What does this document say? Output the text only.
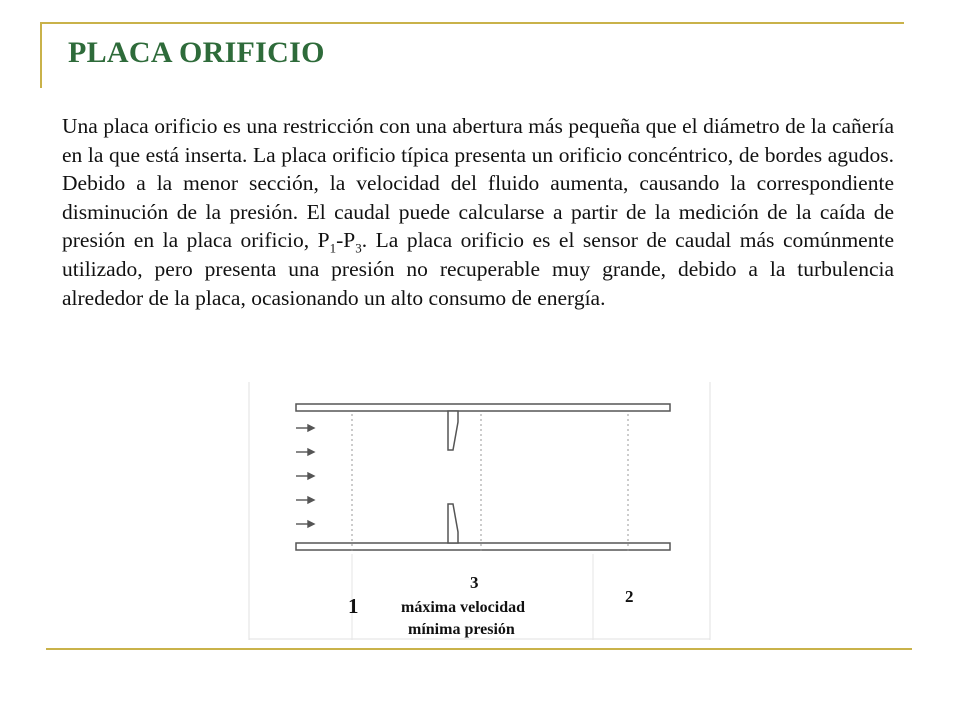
PLACA ORIFICIO
Una placa orificio es una restricción con una abertura más pequeña que el diámetro de la cañería en la que está inserta. La placa orificio típica presenta un orificio concéntrico, de bordes agudos. Debido a la menor sección, la velocidad del fluido aumenta, causando la correspondiente disminución de la presión. El caudal puede calcularse a partir de la medición de la caída de presión en la placa orificio, $P_1-P_3$. La placa orificio es el sensor de caudal más comúnmente utilizado, pero presenta una presión no recuperable muy grande, debido a la turbulencia alrededor de la placa, ocasionando un alto consumo de energía.
3
1	2
máxima velocidad
mínima presión
